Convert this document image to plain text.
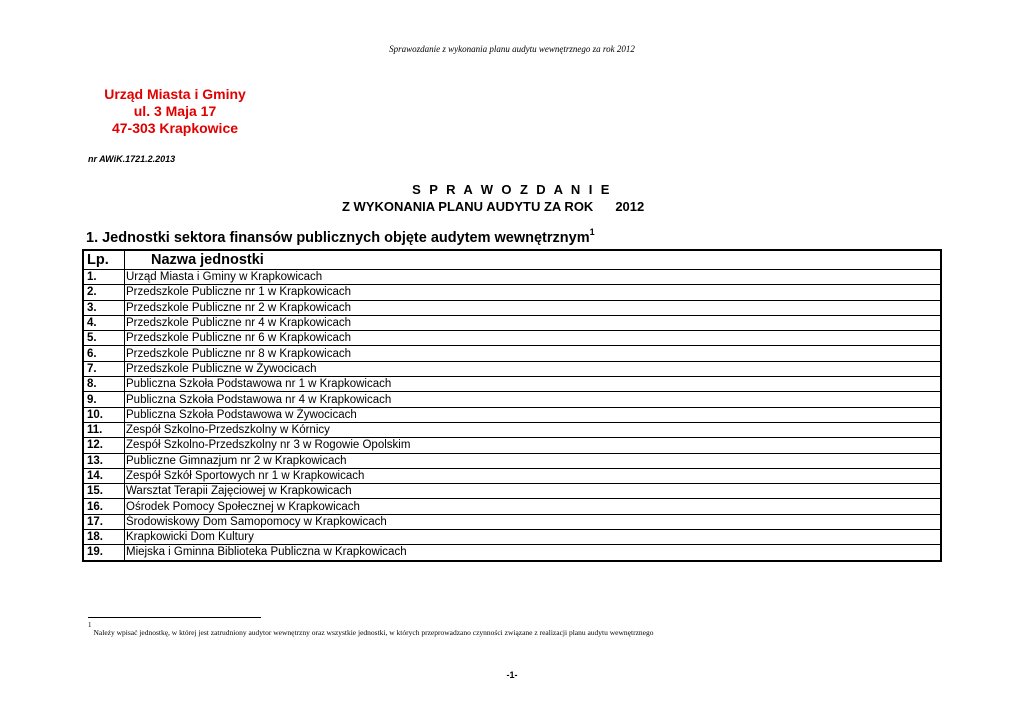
Sprawozdanie z wykonania planu audytu wewnętrznego za rok 2012
Urząd Miasta i Gminy
ul. 3 Maja 17
47-303 Krapkowice
nr AWiK.1721.2.2013
S P R A W O Z D A N I E
Z WYKONANIA PLANU AUDYTU ZA ROK 2012
1. Jednostki sektora finansów publicznych objęte audytem wewnętrznym$^1$
Lp.	Nazwa jednostki
1.	Urząd Miasta i Gminy w Krapkowicach
2.	Przedszkole Publiczne nr 1 w Krapkowicach
3.	Przedszkole Publiczne nr 2 w Krapkowicach
4.	Przedszkole Publiczne nr 4 w Krapkowicach
5.	Przedszkole Publiczne nr 6 w Krapkowicach
6.	Przedszkole Publiczne nr 8 w Krapkowicach
7.	Przedszkole Publiczne w Żywocicach
8.	Publiczna Szkoła Podstawowa nr 1 w Krapkowicach
9.	Publiczna Szkoła Podstawowa nr 4 w Krapkowicach
10.	Publiczna Szkoła Podstawowa w Żywocicach
11.	Zespół Szkolno-Przedszkolny w Kórnicy
12.	Zespół Szkolno-Przedszkolny nr 3 w Rogowie Opolskim
13.	Publiczne Gimnazjum nr 2 w Krapkowicach
14.	Zespół Szkół Sportowych nr 1 w Krapkowicach
15.	Warsztat Terapii Zajęciowej w Krapkowicach
16.	Ośrodek Pomocy Społecznej w Krapkowicach
17.	Środowiskowy Dom Samopomocy w Krapkowicach
18.	Krapkowicki Dom Kultury
19.	Miejska i Gminna Biblioteka Publiczna w Krapkowicach
1Należy wpisać jednostkę, w której jest zatrudniony audytor wewnętrzny oraz wszystkie jednostki, w których przeprowadzano czynności związane z realizacji planu audytu wewnętrznego
-1-
